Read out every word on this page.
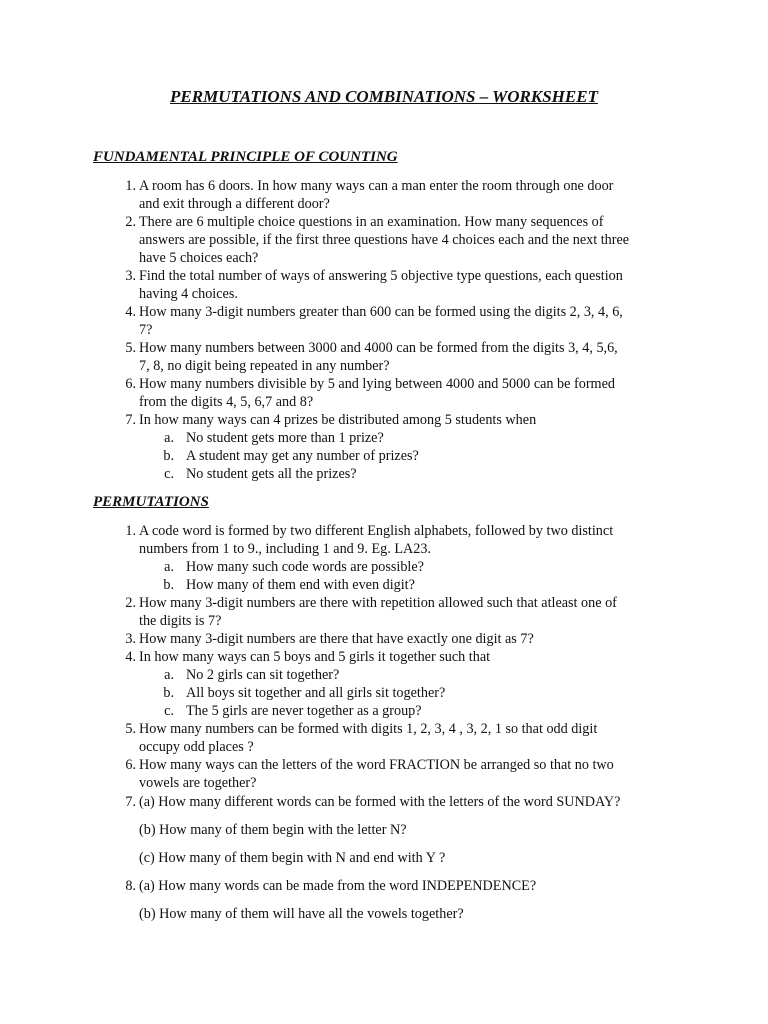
PERMUTATIONS AND COMBINATIONS – WORKSHEET
FUNDAMENTAL PRINCIPLE OF COUNTING
1. A room has 6 doors. In how many ways can a man enter the room through one door

and exit through a different door?

2. There are 6 multiple choice questions in an examination. How many sequences of

answers are possible, if the first three questions have 4 choices each and the next three

have 5 choices each?

3. Find the total number of ways of answering 5 objective type questions, each question

having 4 choices.

4. How many 3-digit numbers greater than 600 can be formed using the digits 2, 3, 4, 6,

7?

5. How many numbers between 3000 and 4000 can be formed from the digits 3, 4, 5,6,

7, 8, no digit being repeated in any number?

6. How many numbers divisible by 5 and lying between 4000 and 5000 can be formed

from the digits 4, 5, 6,7 and 8?

7. In how many ways can 4 prizes be distributed among 5 students when

a. No student gets more than 1 prize?

b. A student may get any number of prizes?

c. No student gets all the prizes?

PERMUTATIONS
1. A code word is formed by two different English alphabets, followed by two distinct

numbers from 1 to 9., including 1 and 9. Eg. LA23.

a. How many such code words are possible?

b. How many of them end with even digit?

2. How many 3-digit numbers are there with repetition allowed such that atleast one of

the digits is 7?

3. How many 3-digit numbers are there that have exactly one digit as 7?

4. In how many ways can 5 boys and 5 girls it together such that

a. No 2 girls can sit together?

b. All boys sit together and all girls sit together?

c. The 5 girls are never together as a group?

5. How many numbers can be formed with digits 1, 2, 3, 4 , 3, 2, 1 so that odd digit

occupy odd places ?

6. How many ways can the letters of the word FRACTION be arranged so that no two

vowels are together?

7. (a) How many different words can be formed with the letters of the word SUNDAY?

(b) How many of them begin with the letter N?

(c) How many of them begin with N and end with Y ?

8. (a) How many words can be made from the word INDEPENDENCE?

(b) How many of them will have all the vowels together?
